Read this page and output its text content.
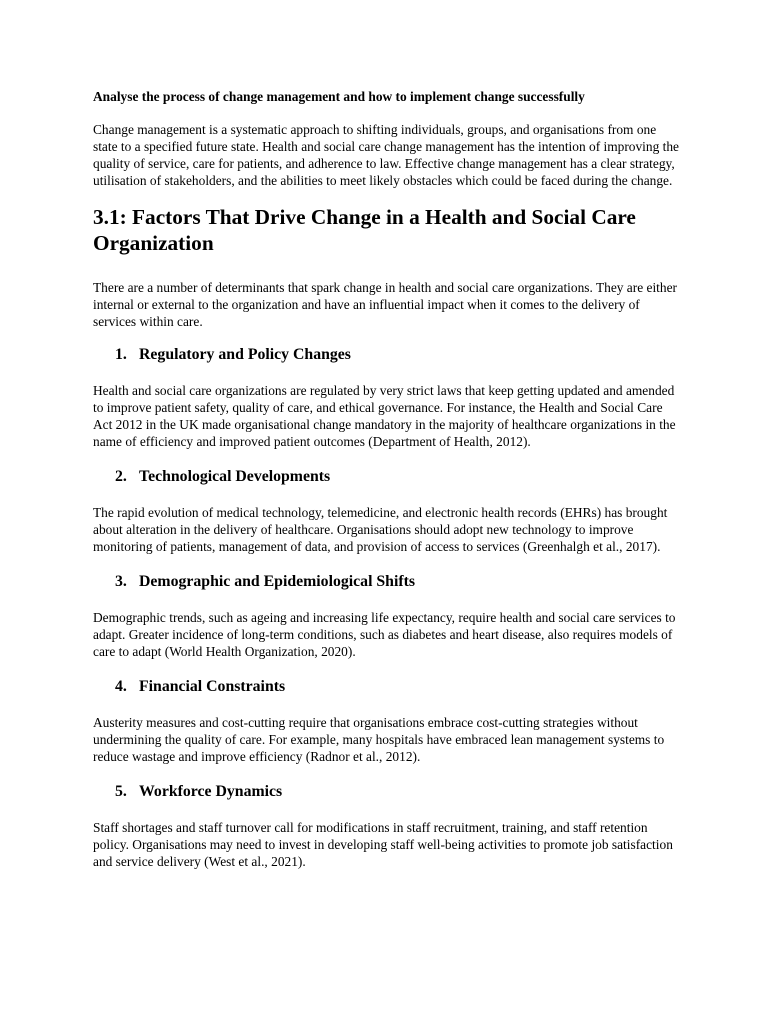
Analyse the process of change management and how to implement change successfully

Change management is a systematic approach to shifting individuals, groups, and organisations from one state to a specified future state. Health and social care change management has the intention of improving the quality of service, care for patients, and adherence to law. Effective change management has a clear strategy, utilisation of stakeholders, and the abilities to meet likely obstacles which could be faced during the change.

3.1: Factors That Drive Change in a Health and Social Care Organization

There are a number of determinants that spark change in health and social care organizations. They are either internal or external to the organization and have an influential impact when it comes to the delivery of services within care.

1. Regulatory and Policy Changes

Health and social care organizations are regulated by very strict laws that keep getting updated and amended to improve patient safety, quality of care, and ethical governance. For instance, the Health and Social Care Act 2012 in the UK made organisational change mandatory in the majority of healthcare organizations in the name of efficiency and improved patient outcomes (Department of Health, 2012).

2. Technological Developments

The rapid evolution of medical technology, telemedicine, and electronic health records (EHRs) has brought about alteration in the delivery of healthcare. Organisations should adopt new technology to improve monitoring of patients, management of data, and provision of access to services (Greenhalgh et al., 2017).

3. Demographic and Epidemiological Shifts

Demographic trends, such as ageing and increasing life expectancy, require health and social care services to adapt. Greater incidence of long-term conditions, such as diabetes and heart disease, also requires models of care to adapt (World Health Organization, 2020).

4. Financial Constraints

Austerity measures and cost-cutting require that organisations embrace cost-cutting strategies without undermining the quality of care. For example, many hospitals have embraced lean management systems to reduce wastage and improve efficiency (Radnor et al., 2012).

5. Workforce Dynamics

Staff shortages and staff turnover call for modifications in staff recruitment, training, and staff retention policy. Organisations may need to invest in developing staff well-being activities to promote job satisfaction and service delivery (West et al., 2021).
